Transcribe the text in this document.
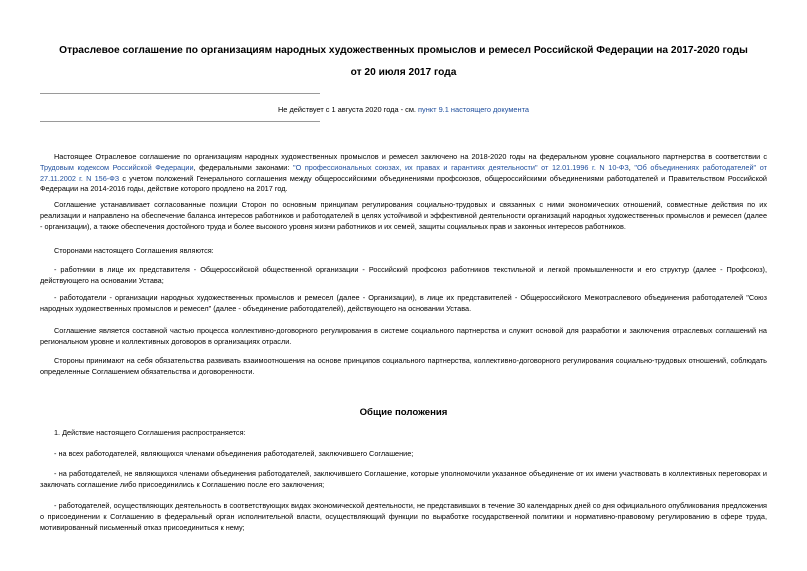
Отраслевое соглашение по организациям народных художественных промыслов и ремесел Российской Федерации на 2017-2020 годы
от 20 июля 2017 года
Не действует с 1 августа 2020 года - см. пункт 9.1 настоящего документа
Настоящее Отраслевое соглашение по организациям народных художественных промыслов и ремесел заключено на 2018-2020 годы на федеральном уровне социального партнерства в соответствии с Трудовым кодексом Российской Федерации, федеральными законами: "О профессиональных союзах, их правах и гарантиях деятельности" от 12.01.1996 г. N 10-ФЗ, "Об объединениях работодателей" от 27.11.2002 г. N 156-ФЗ с учетом положений Генерального соглашения между общероссийскими объединениями профсоюзов, общероссийскими объединениями работодателей и Правительством Российской Федерации на 2014-2016 годы, действие которого продлено на 2017 год.
Соглашение устанавливает согласованные позиции Сторон по основным принципам регулирования социально-трудовых и связанных с ними экономических отношений, совместные действия по их реализации и направлено на обеспечение баланса интересов работников и работодателей в целях устойчивой и эффективной деятельности организаций народных художественных промыслов и ремесел (далее - организации), а также обеспечения достойного труда и более высокого уровня жизни работников и их семей, защиты социальных прав и законных интересов работников.
Сторонами настоящего Соглашения являются:
- работники в лице их представителя - Общероссийской общественной организации - Российский профсоюз работников текстильной и легкой промышленности и его структур (далее - Профсоюз), действующего на основании Устава;
- работодатели - организации народных художественных промыслов и ремесел (далее - Организации), в лице их представителей - Общероссийского Межотраслевого объединения работодателей "Союз народных художественных промыслов и ремесел" (далее - объединение работодателей), действующего на основании Устава.
Соглашение является составной частью процесса коллективно-договорного регулирования в системе социального партнерства и служит основой для разработки и заключения отраслевых соглашений на региональном уровне и коллективных договоров в организациях отрасли.
Стороны принимают на себя обязательства развивать взаимоотношения на основе принципов социального партнерства, коллективно-договорного регулирования социально-трудовых отношений, соблюдать определенные Соглашением обязательства и договоренности.
Общие положения
1. Действие настоящего Соглашения распространяется:
- на всех работодателей, являющихся членами объединения работодателей, заключившего Соглашение;
- на работодателей, не являющихся членами объединения работодателей, заключившего Соглашение, которые уполномочили указанное объединение от их имени участвовать в коллективных переговорах и заключать соглашение либо присоединились к Соглашению после его заключения;
- работодателей, осуществляющих деятельность в соответствующих видах экономической деятельности, не представивших в течение 30 календарных дней со дня официального опубликования предложения о присоединении к Соглашению в федеральный орган исполнительной власти, осуществляющий функции по выработке государственной политики и нормативно-правовому регулированию в сфере труда, мотивированный письменный отказ присоединиться к нему;
